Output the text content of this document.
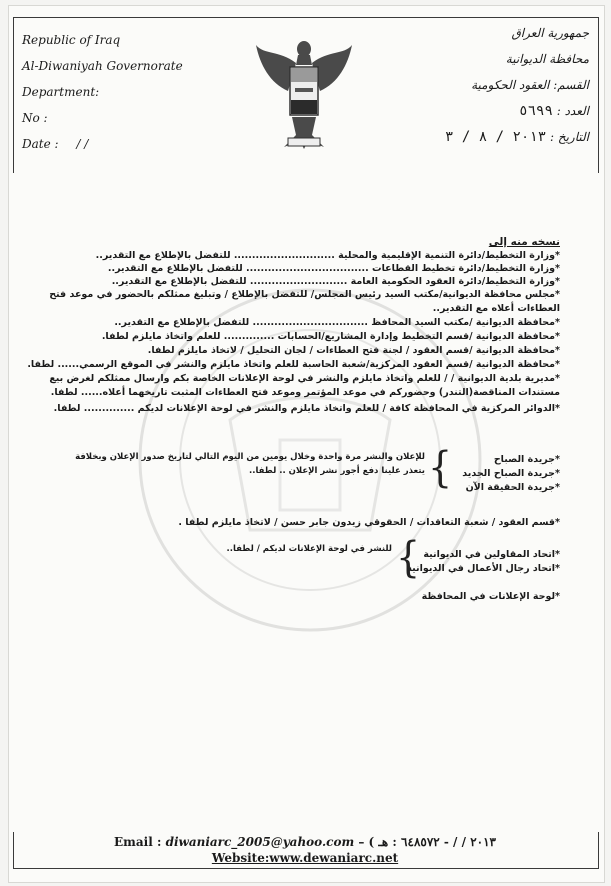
Republic of Iraq
Al-Diwaniyah Governorate
Department:
No :
Date : / /
جمهورية العراق
محافظة الديوانية
القسم: العقود الحكومية
العدد : ٥٦٩٩
التاريخ : ٢٠١٣ / ٨ / ٣
نسخه منه إلى
*وزارة التخطيط/دائرة التنمية الإقليمية والمحلية ............................ للتفضل بالإطلاع مع التقدير..
*وزارة التخطيط/دائرة تخطيط القطاعات .................................. للتفضل بالإطلاع مع التقدير..
*وزارة التخطيط/دائرة العقود الحكومية العامة ........................... للتفضل بالإطلاع مع التقدير..
*مجلس محافظة الديوانية/مكتب السيد رئيس المجلس/ للتفضل بالإطلاع / وتبليغ ممثلكم بالحضور في موعد فتح
العطاءات أعلاه مع التقدير..
*محافظة الديوانية /مكتب السيد المحافظ ................................ للتفضل بالإطلاع مع التقدير..
*محافظة الديوانية /قسم التخطيط وإدارة المشاريع/الحسابات .............. للعلم واتخاذ مايلزم لطفا.
*محافظة الديوانية /قسم العقود / لجنة فتح العطاءات / لجان التحليل / لاتخاذ مايلزم لطفا.
*محافظة الديوانية /قسم العقود المركزية/شعبة الحاسبة للعلم واتخاذ مايلزم والنشر في الموقع الرسمي...... لطفا.
*مديرية بلدية الديوانية / / للعلم واتخاذ مايلزم والنشر في لوحة الإعلانات الخاصة بكم وارسال ممثلكم لغرض بيع
مستندات المناقصة(التندر) وحضوركم في موعد المؤتمر وموعد فتح العطاءات المثبت تاريخهما أعلاه...... لطفا.
*الدوائر المركزية في المحافظة كافة / للعلم واتخاذ مايلزم والنشر في لوحة الإعلانات لديكم .............. لطفا.
*جريدة الصباح
*جريدة الصباح الجديد
*جريدة الحقيقة الآن
{
للإعلان والنشر مرة واحدة وخلال يومين من اليوم التالي لتاريخ صدور الإعلان وبخلافة
يتعذر علينا دفع أجور نشر الإعلان .. لطفا..
*قسم العقود / شعبة التعاقدات / الحقوقي زيدون جابر حسن / لاتخاذ مايلزم لطفا .
*اتحاد المقاولين في الديوانية
*اتحاد رجال الأعمال في الديوانية
{
للنشر في لوحة الإعلانات لديكم / لطفا..
*لوحة الإعلانات في المحافظة
Email : diwaniarc_2005@yahoo.com – ( ٢٠١٣ / / - ٦٤٨٥٧٢ : هـ
Website:www.dewaniarc.net
